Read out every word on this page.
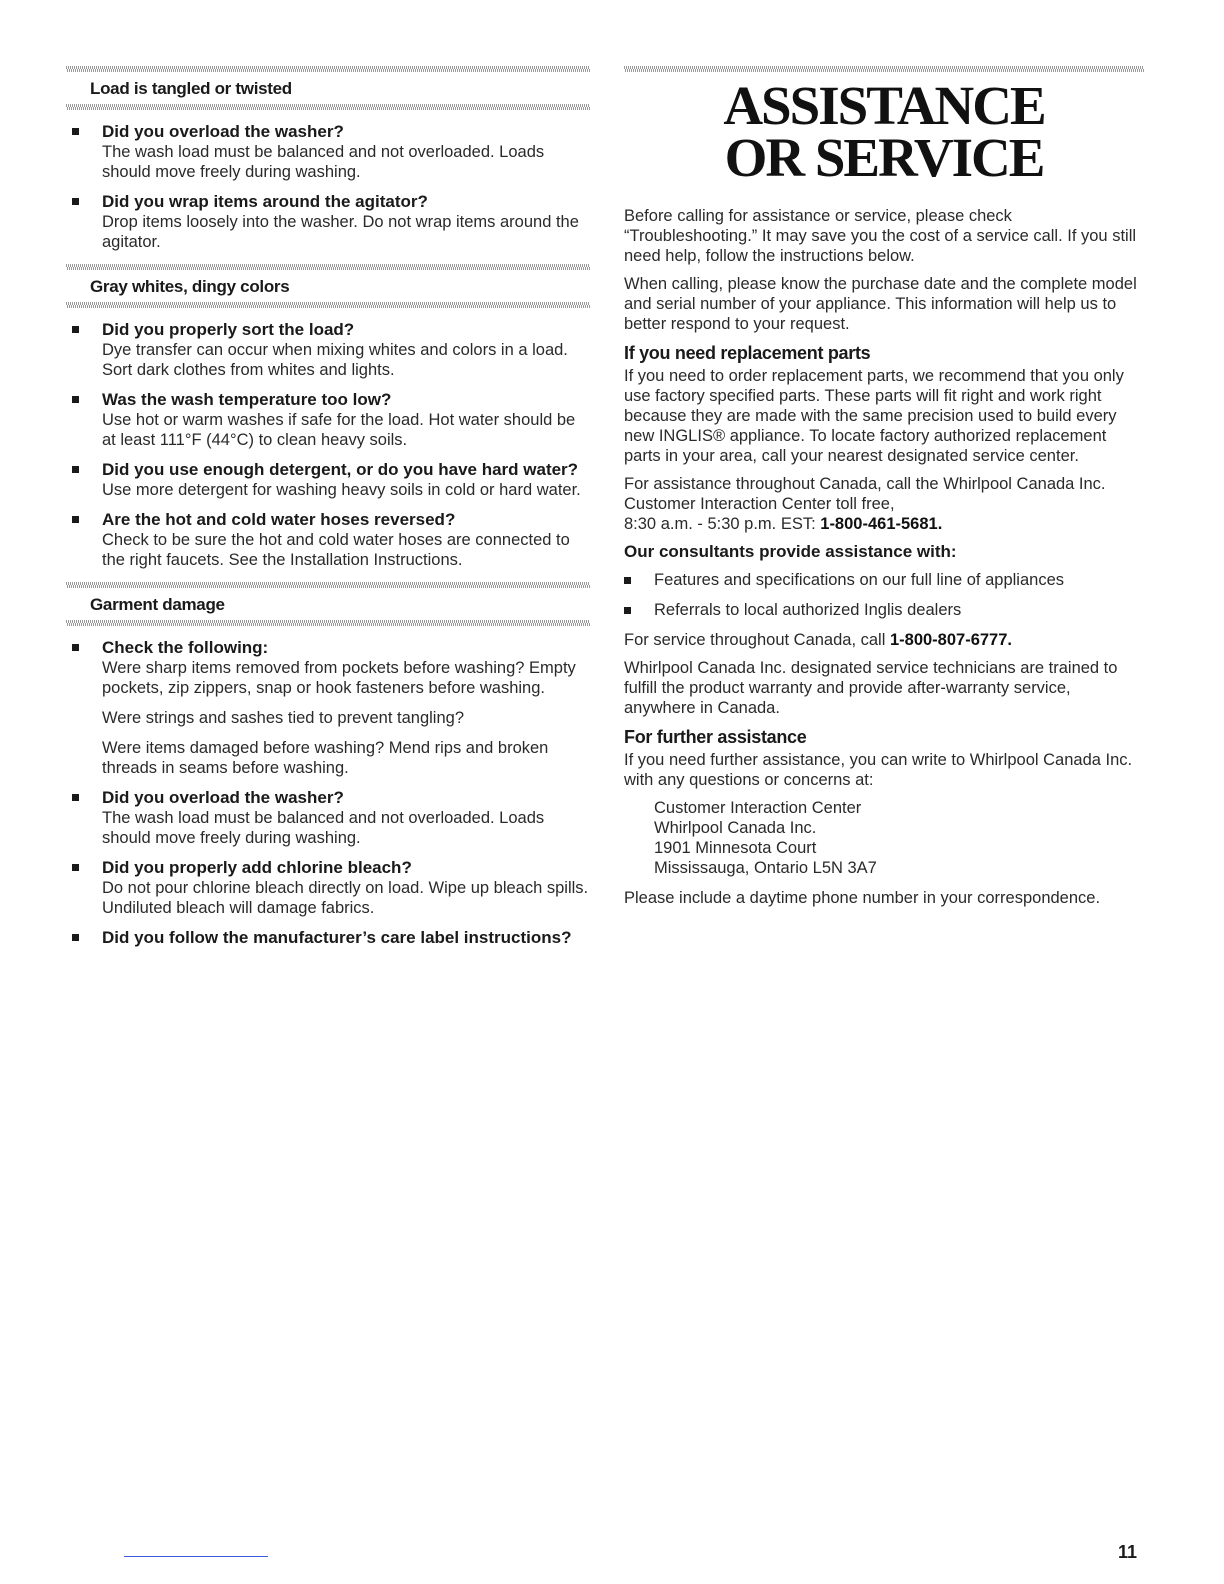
Load is tangled or twisted
Did you overload the washer?
The wash load must be balanced and not overloaded. Loads should move freely during washing.
Did you wrap items around the agitator?
Drop items loosely into the washer. Do not wrap items around the agitator.
Gray whites, dingy colors
Did you properly sort the load?
Dye transfer can occur when mixing whites and colors in a load. Sort dark clothes from whites and lights.
Was the wash temperature too low?
Use hot or warm washes if safe for the load. Hot water should be at least 111°F (44°C) to clean heavy soils.
Did you use enough detergent, or do you have hard water?
Use more detergent for washing heavy soils in cold or hard water.
Are the hot and cold water hoses reversed?
Check to be sure the hot and cold water hoses are connected to the right faucets. See the Installation Instructions.
Garment damage
Check the following:
Were sharp items removed from pockets before washing? Empty pockets, zip zippers, snap or hook fasteners before washing.
Were strings and sashes tied to prevent tangling?
Were items damaged before washing? Mend rips and broken threads in seams before washing.
Did you overload the washer?
The wash load must be balanced and not overloaded. Loads should move freely during washing.
Did you properly add chlorine bleach?
Do not pour chlorine bleach directly on load. Wipe up bleach spills. Undiluted bleach will damage fabrics.
Did you follow the manufacturer’s care label instructions?
ASSISTANCE
OR SERVICE

Before calling for assistance or service, please check “Troubleshooting.” It may save you the cost of a service call. If you still need help, follow the instructions below.

When calling, please know the purchase date and the complete model and serial number of your appliance. This information will help us to better respond to your request.

If you need replacement parts

If you need to order replacement parts, we recommend that you only use factory specified parts. These parts will fit right and work right because they are made with the same precision used to build every new INGLIS® appliance. To locate factory authorized replacement parts in your area, call your nearest designated service center.

For assistance throughout Canada, call the Whirlpool Canada Inc. Customer Interaction Center toll free,
8:30 a.m. - 5:30 p.m. EST: 1-800-461-5681.

Our consultants provide assistance with:
Features and specifications on our full line of appliances
Referrals to local authorized Inglis dealers

For service throughout Canada, call 1-800-807-6777.

Whirlpool Canada Inc. designated service technicians are trained to fulfill the product warranty and provide after-warranty service, anywhere in Canada.

For further assistance

If you need further assistance, you can write to Whirlpool Canada Inc. with any questions or concerns at:

Customer Interaction Center
Whirlpool Canada Inc.
1901 Minnesota Court
Mississauga, Ontario L5N 3A7

Please include a daytime phone number in your correspondence.

11
